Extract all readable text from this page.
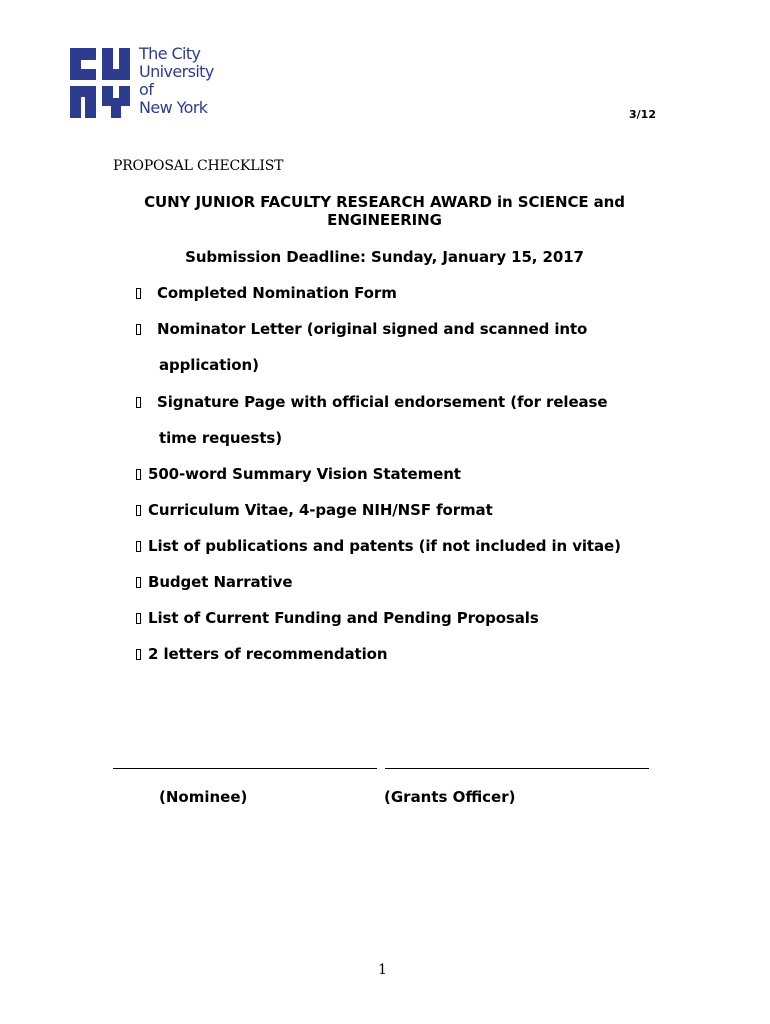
The City
University
of
New York	3/12
PROPOSAL CHECKLIST
CUNY JUNIOR FACULTY RESEARCH AWARD in SCIENCE and ENGINEERING
Submission Deadline: Sunday, January 15, 2017
Completed Nomination Form
Nominator Letter (original signed and scanned into
application)
Signature Page with official endorsement (for release
time requests)
500-word Summary Vision Statement
Curriculum Vitae, 4-page NIH/NSF format
List of publications and patents (if not included in vitae)
Budget Narrative
List of Current Funding and Pending Proposals
2 letters of recommendation
(Nominee)	(Grants Officer)
1
